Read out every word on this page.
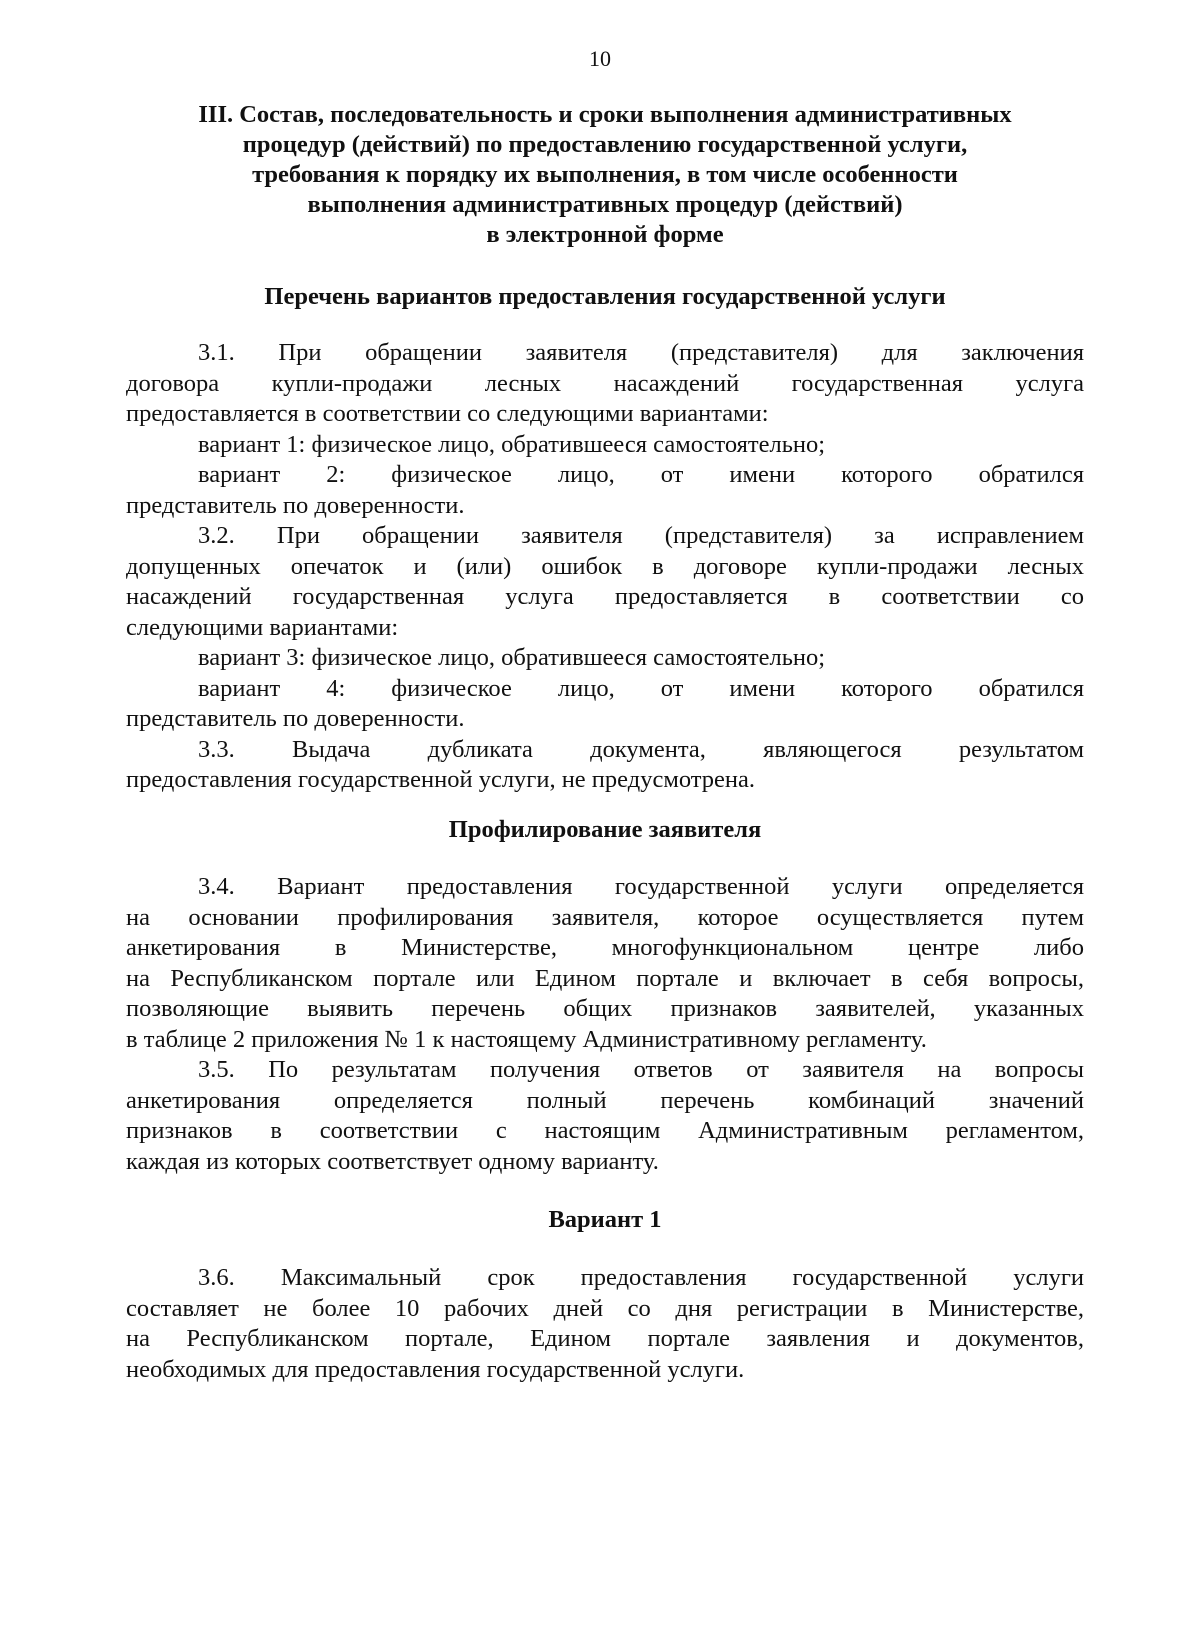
10
III. Состав, последовательность и сроки выполнения административных
процедур (действий) по предоставлению государственной услуги,
требования к порядку их выполнения, в том числе особенности
выполнения административных процедур (действий)
в электронной форме
Перечень вариантов предоставления государственной услуги
3.1. При обращении заявителя (представителя) для заключения
договора купли-продажи лесных насаждений государственная услуга
предоставляется в соответствии со следующими вариантами:
вариант 1: физическое лицо, обратившееся самостоятельно;
вариант 2: физическое лицо, от имени которого обратился
представитель по доверенности.
3.2. При обращении заявителя (представителя) за исправлением
допущенных опечаток и (или) ошибок в договоре купли-продажи лесных
насаждений государственная услуга предоставляется в соответствии со
следующими вариантами:
вариант 3: физическое лицо, обратившееся самостоятельно;
вариант 4: физическое лицо, от имени которого обратился
представитель по доверенности.
3.3. Выдача дубликата документа, являющегося результатом
предоставления государственной услуги, не предусмотрена.
Профилирование заявителя
3.4. Вариант предоставления государственной услуги определяется
на основании профилирования заявителя, которое осуществляется путем
анкетирования в Министерстве, многофункциональном центре либо
на Республиканском портале или Едином портале и включает в себя вопросы,
позволяющие выявить перечень общих признаков заявителей, указанных
в таблице 2 приложения № 1 к настоящему Административному регламенту.
3.5. По результатам получения ответов от заявителя на вопросы
анкетирования определяется полный перечень комбинаций значений
признаков в соответствии с настоящим Административным регламентом,
каждая из которых соответствует одному варианту.
Вариант 1
3.6. Максимальный срок предоставления государственной услуги
составляет не более 10 рабочих дней со дня регистрации в Министерстве,
на Республиканском портале, Едином портале заявления и документов,
необходимых для предоставления государственной услуги.
